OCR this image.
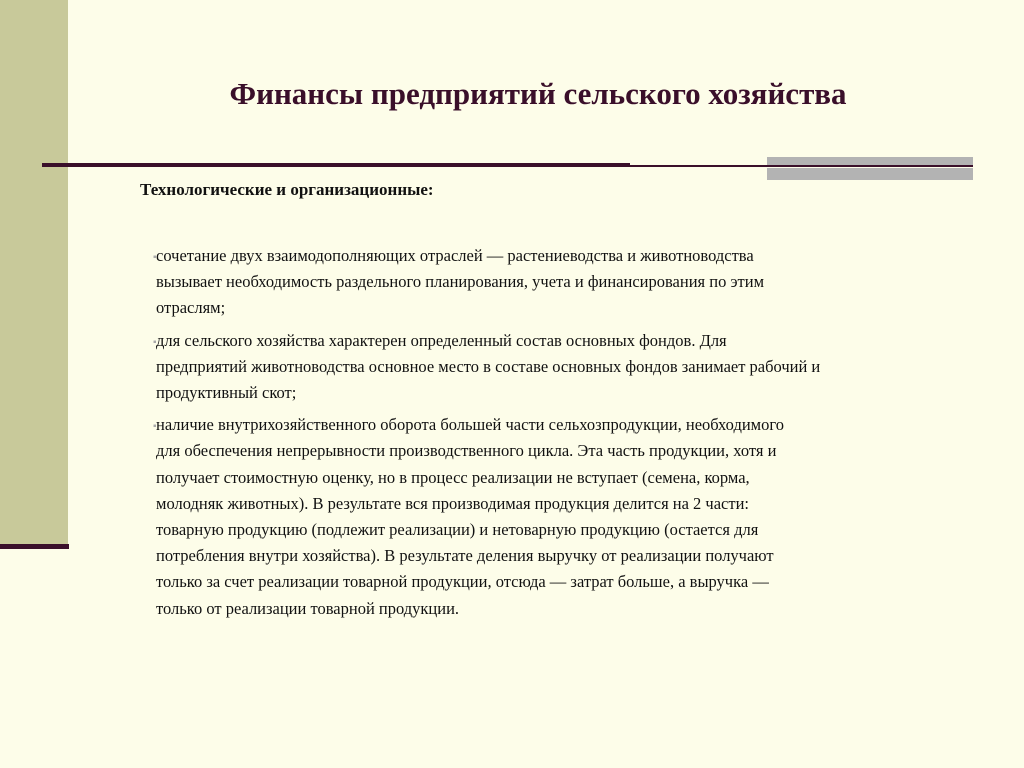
Финансы предприятий сельского хозяйства
Технологические и организационные:
▪ сочетание двух взаимодополняющих отраслей — растениеводства и животноводства
вызывает необходимость раздельного планирования, учета и финансирования по этим
отраслям;
▪ для сельского хозяйства характерен определенный состав основных фондов. Для
предприятий животноводства основное место в составе основных фондов занимает рабочий и
продуктивный скот;
▪ наличие внутрихозяйственного оборота большей части сельхозпродукции, необходимого
для обеспечения непрерывности производственного цикла. Эта часть продукции, хотя и
получает стоимостную оценку, но в процесс реализации не вступает (семена, корма,
молодняк животных). В результате вся производимая продукция делится на 2 части:
товарную продукцию (подлежит реализации) и нетоварную продукцию (остается для
потребления внутри хозяйства). В результате деления выручку от реализации получают
только за счет реализации товарной продукции, отсюда — затрат больше, а выручка —
только от реализации товарной продукции.
